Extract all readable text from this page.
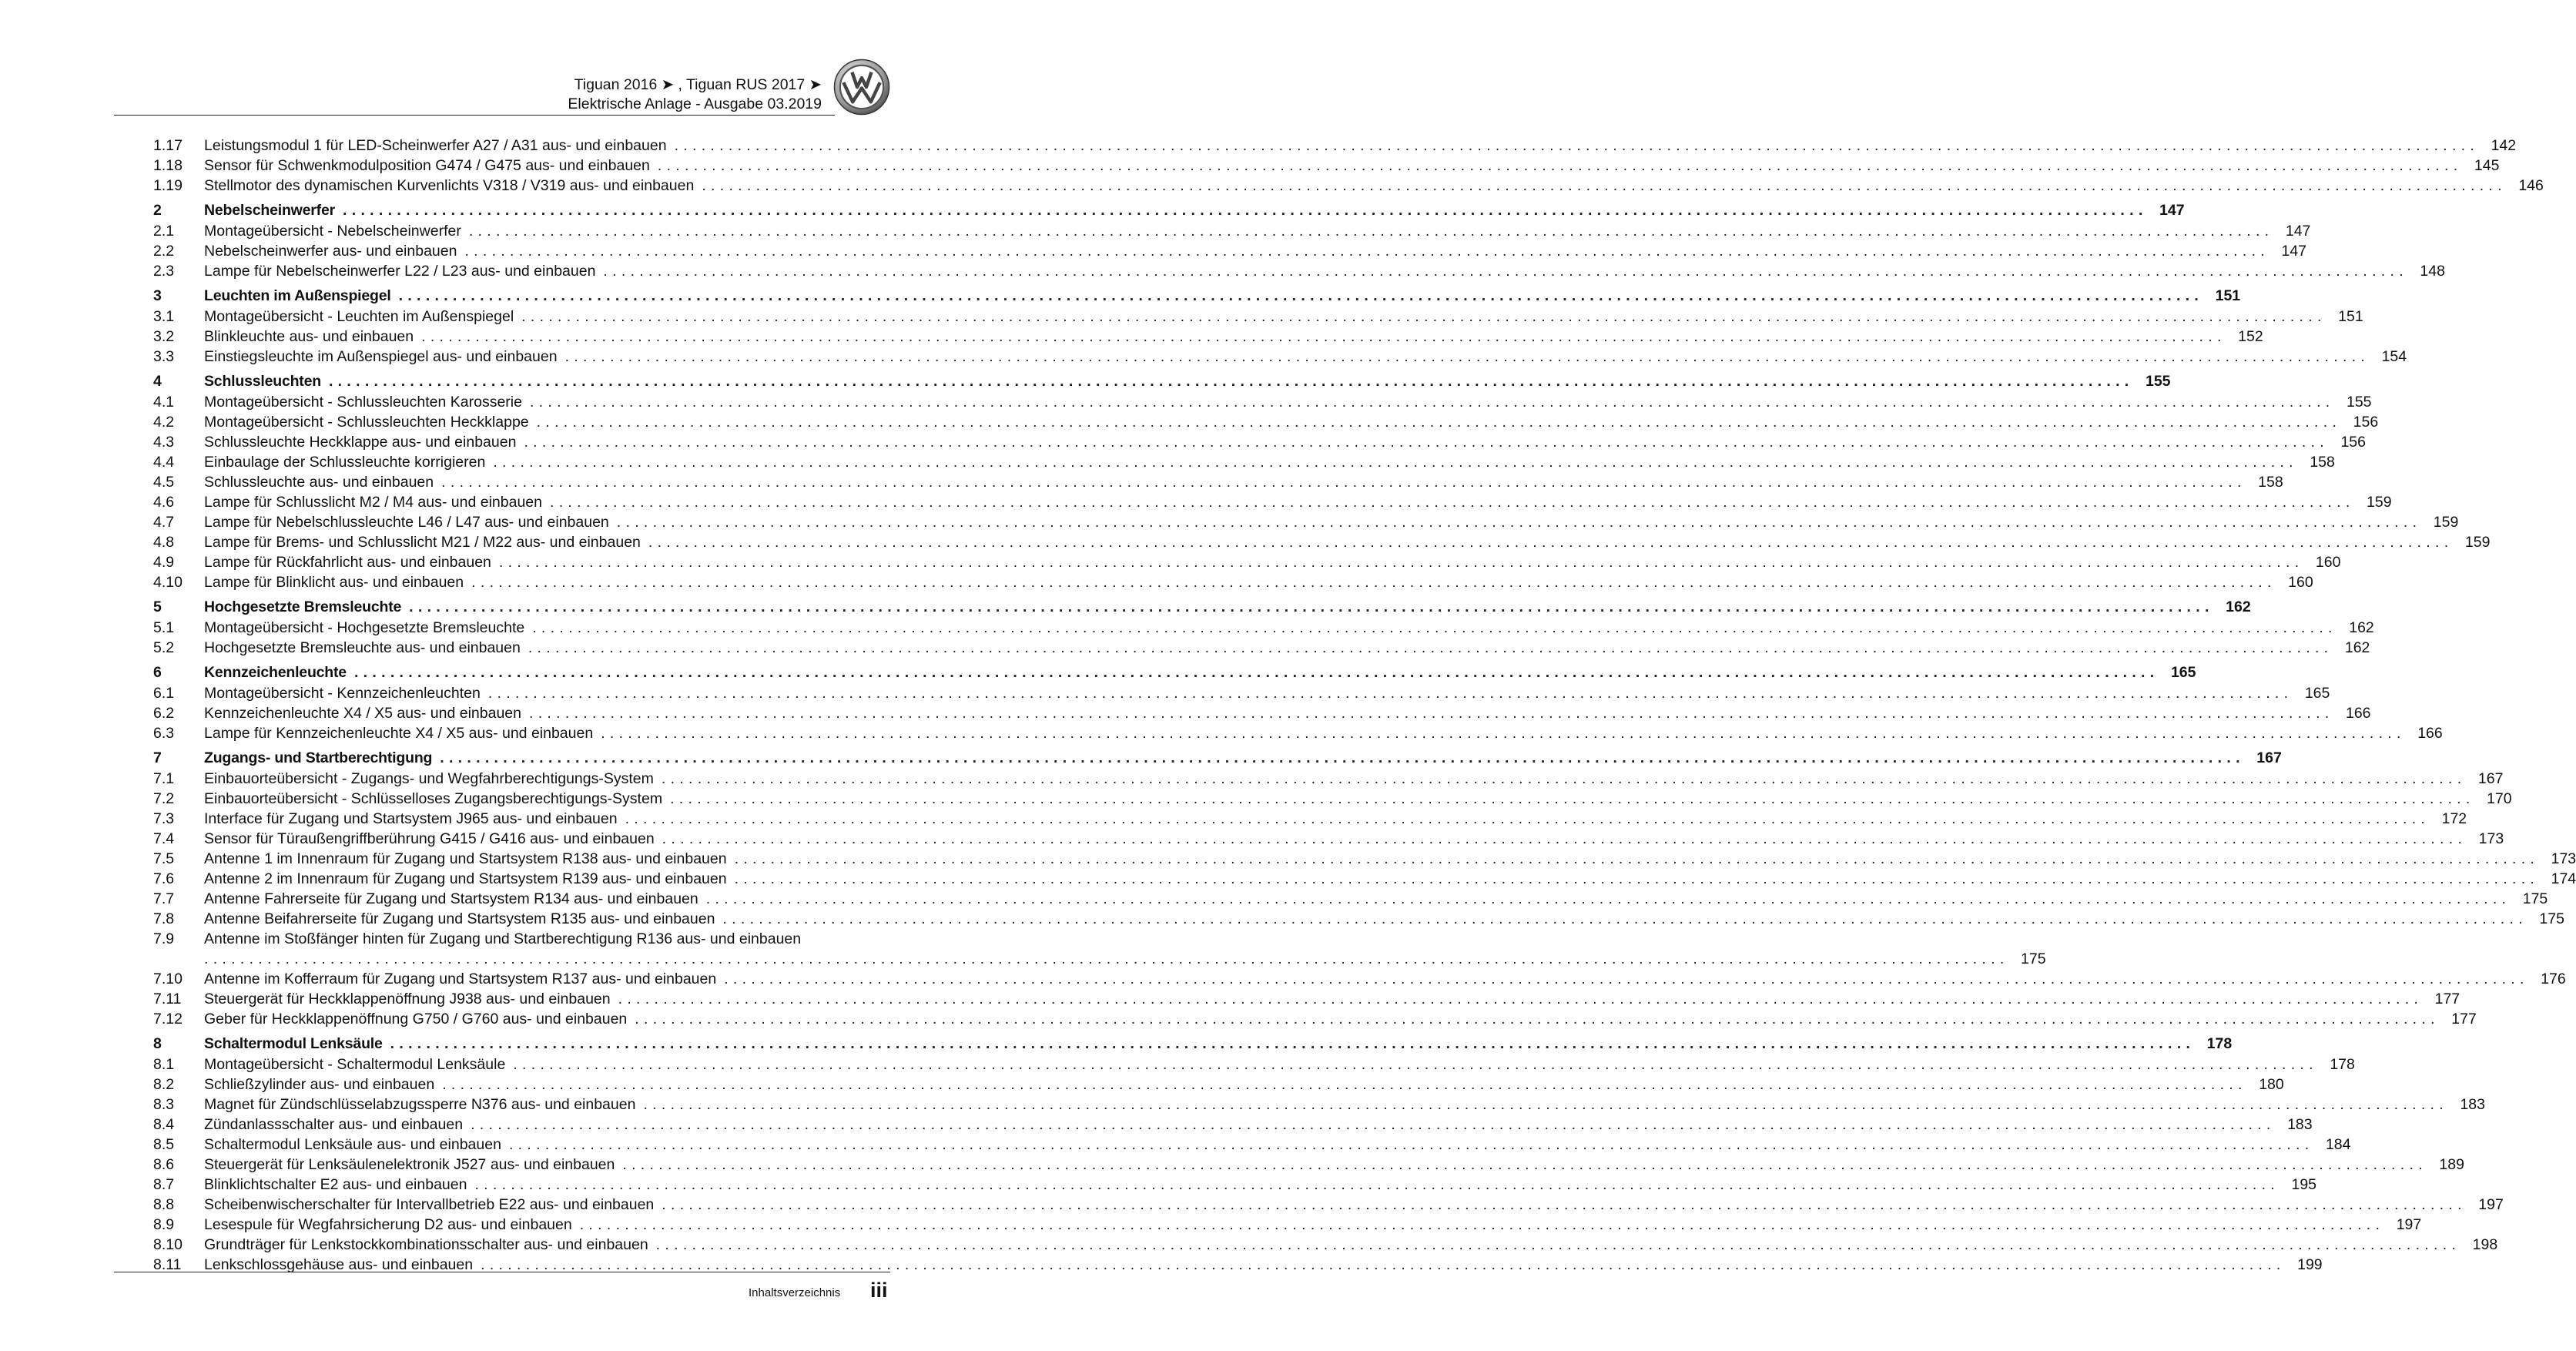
Tiguan 2016 ➤ , Tiguan RUS 2017 ➤
Elektrische Anlage - Ausgabe 03.2019
1.17	Leistungsmodul 1 für LED-Scheinwerfer A27 / A31 aus- und einbauen ........................................................................................................................................................................................................ 142
1.18	Sensor für Schwenkmodulposition G474 / G475 aus- und einbauen ........................................................................................................................................................................................................ 145
1.19	Stellmotor des dynamischen Kurvenlichts V318 / V319 aus- und einbauen ........................................................................................................................................................................................................ 146
2	Nebelscheinwerfer ........................................................................................................................................................................................................ 147
2.1	Montageübersicht - Nebelscheinwerfer ........................................................................................................................................................................................................ 147
2.2	Nebelscheinwerfer aus- und einbauen ........................................................................................................................................................................................................ 147
2.3	Lampe für Nebelscheinwerfer L22 / L23 aus- und einbauen ........................................................................................................................................................................................................ 148
3	Leuchten im Außenspiegel ........................................................................................................................................................................................................ 151
3.1	Montageübersicht - Leuchten im Außenspiegel ........................................................................................................................................................................................................ 151
3.2	Blinkleuchte aus- und einbauen ........................................................................................................................................................................................................ 152
3.3	Einstiegsleuchte im Außenspiegel aus- und einbauen ........................................................................................................................................................................................................ 154
4	Schlussleuchten ........................................................................................................................................................................................................ 155
4.1	Montageübersicht - Schlussleuchten Karosserie ........................................................................................................................................................................................................ 155
4.2	Montageübersicht - Schlussleuchten Heckklappe ........................................................................................................................................................................................................ 156
4.3	Schlussleuchte Heckklappe aus- und einbauen ........................................................................................................................................................................................................ 156
4.4	Einbaulage der Schlussleuchte korrigieren ........................................................................................................................................................................................................ 158
4.5	Schlussleuchte aus- und einbauen ........................................................................................................................................................................................................ 158
4.6	Lampe für Schlusslicht M2 / M4 aus- und einbauen ........................................................................................................................................................................................................ 159
4.7	Lampe für Nebelschlussleuchte L46 / L47 aus- und einbauen ........................................................................................................................................................................................................ 159
4.8	Lampe für Brems- und Schlusslicht M21 / M22 aus- und einbauen ........................................................................................................................................................................................................ 159
4.9	Lampe für Rückfahrlicht aus- und einbauen ........................................................................................................................................................................................................ 160
4.10	Lampe für Blinklicht aus- und einbauen ........................................................................................................................................................................................................ 160
5	Hochgesetzte Bremsleuchte ........................................................................................................................................................................................................ 162
5.1	Montageübersicht - Hochgesetzte Bremsleuchte ........................................................................................................................................................................................................ 162
5.2	Hochgesetzte Bremsleuchte aus- und einbauen ........................................................................................................................................................................................................ 162
6	Kennzeichenleuchte ........................................................................................................................................................................................................ 165
6.1	Montageübersicht - Kennzeichenleuchten ........................................................................................................................................................................................................ 165
6.2	Kennzeichenleuchte X4 / X5 aus- und einbauen ........................................................................................................................................................................................................ 166
6.3	Lampe für Kennzeichenleuchte X4 / X5 aus- und einbauen ........................................................................................................................................................................................................ 166
7	Zugangs- und Startberechtigung ........................................................................................................................................................................................................ 167
7.1	Einbauorteübersicht - Zugangs- und Wegfahrberechtigungs-System ........................................................................................................................................................................................................ 167
7.2	Einbauorteübersicht - Schlüsselloses Zugangsberechtigungs-System ........................................................................................................................................................................................................ 170
7.3	Interface für Zugang und Startsystem J965 aus- und einbauen ........................................................................................................................................................................................................ 172
7.4	Sensor für Türaußengriffberührung G415 / G416 aus- und einbauen ........................................................................................................................................................................................................ 173
7.5	Antenne 1 im Innenraum für Zugang und Startsystem R138 aus- und einbauen ........................................................................................................................................................................................................ 173
7.6	Antenne 2 im Innenraum für Zugang und Startsystem R139 aus- und einbauen ........................................................................................................................................................................................................ 174
7.7	Antenne Fahrerseite für Zugang und Startsystem R134 aus- und einbauen ........................................................................................................................................................................................................ 175
7.8	Antenne Beifahrerseite für Zugang und Startsystem R135 aus- und einbauen ........................................................................................................................................................................................................ 175
7.9	Antenne im Stoßfänger hinten für Zugang und Startberechtigung R136 aus- und einbauen
........................................................................................................................................................................................................ 175
7.10	Antenne im Kofferraum für Zugang und Startsystem R137 aus- und einbauen ........................................................................................................................................................................................................ 176
7.11	Steuergerät für Heckklappenöffnung J938 aus- und einbauen ........................................................................................................................................................................................................ 177
7.12	Geber für Heckklappenöffnung G750 / G760 aus- und einbauen ........................................................................................................................................................................................................ 177
8	Schaltermodul Lenksäule ........................................................................................................................................................................................................ 178
8.1	Montageübersicht - Schaltermodul Lenksäule ........................................................................................................................................................................................................ 178
8.2	Schließzylinder aus- und einbauen ........................................................................................................................................................................................................ 180
8.3	Magnet für Zündschlüsselabzugssperre N376 aus- und einbauen ........................................................................................................................................................................................................ 183
8.4	Zündanlassschalter aus- und einbauen ........................................................................................................................................................................................................ 183
8.5	Schaltermodul Lenksäule aus- und einbauen ........................................................................................................................................................................................................ 184
8.6	Steuergerät für Lenksäulenelektronik J527 aus- und einbauen ........................................................................................................................................................................................................ 189
8.7	Blinklichtschalter E2 aus- und einbauen ........................................................................................................................................................................................................ 195
8.8	Scheibenwischerschalter für Intervallbetrieb E22 aus- und einbauen ........................................................................................................................................................................................................ 197
8.9	Lesespule für Wegfahrsicherung D2 aus- und einbauen ........................................................................................................................................................................................................ 197
8.10	Grundträger für Lenkstockkombinationsschalter aus- und einbauen ........................................................................................................................................................................................................ 198
8.11	Lenkschlossgehäuse aus- und einbauen ........................................................................................................................................................................................................ 199
Inhaltsverzeichnis iii
